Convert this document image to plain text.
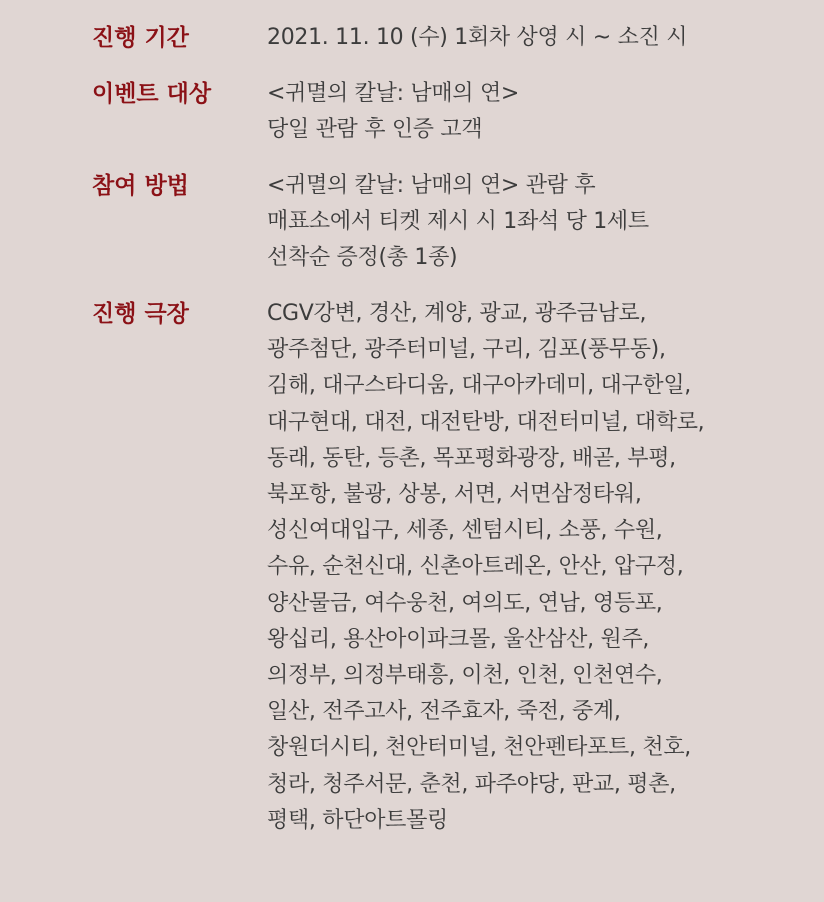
진행 기간	2021. 11. 10 (수) 1회차 상영 시 ~ 소진 시
이벤트 대상	<귀멸의 칼날: 남매의 연>
당일 관람 후 인증 고객
참여 방법	<귀멸의 칼날: 남매의 연> 관람 후
매표소에서 티켓 제시 시 1좌석 당 1세트
선착순 증정(총 1종)
진행 극장	CGV강변, 경산, 계양, 광교, 광주금남로,
광주첨단, 광주터미널, 구리, 김포(풍무동),
김해, 대구스타디움, 대구아카데미, 대구한일,
대구현대, 대전, 대전탄방, 대전터미널, 대학로,
동래, 동탄, 등촌, 목포평화광장, 배곧, 부평,
북포항, 불광, 상봉, 서면, 서면삼정타워,
성신여대입구, 세종, 센텀시티, 소풍, 수원,
수유, 순천신대, 신촌아트레온, 안산, 압구정,
양산물금, 여수웅천, 여의도, 연남, 영등포,
왕십리, 용산아이파크몰, 울산삼산, 원주,
의정부, 의정부태흥, 이천, 인천, 인천연수,
일산, 전주고사, 전주효자, 죽전, 중계,
창원더시티, 천안터미널, 천안펜타포트, 천호,
청라, 청주서문, 춘천, 파주야당, 판교, 평촌,
평택, 하단아트몰링
